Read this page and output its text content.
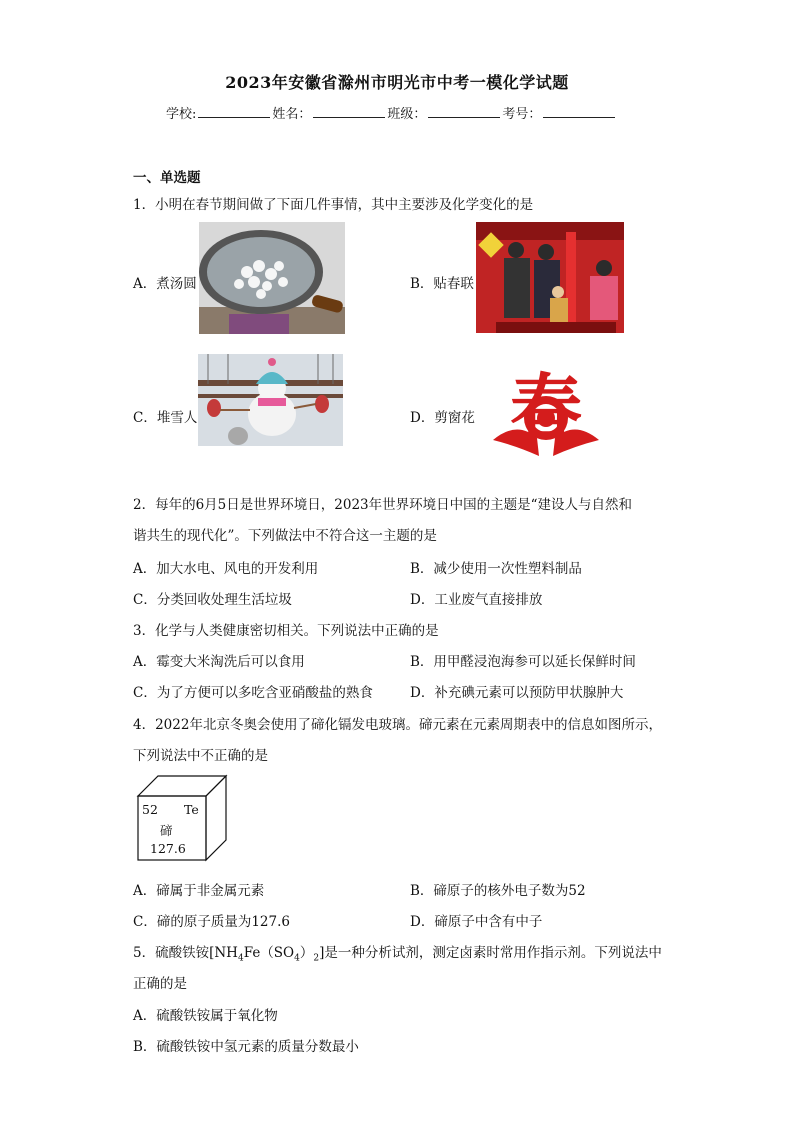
2023年安徽省滁州市明光市中考一模化学试题
学校:	姓名：	班级：	考号：
一、单选题
1．小明在春节期间做了下面几件事情，其中主要涉及化学变化的是
A．煮汤圆	B．贴春联
C．堆雪人	D．剪窗花 春
2．每年的6月5日是世界环境日，2023年世界环境日中国的主题是“建设人与自然和
谐共生的现代化”。下列做法中不符合这一主题的是
A．加大水电、风电的开发利用	B．减少使用一次性塑料制品
C．分类回收处理生活垃圾	D．工业废气直接排放
3．化学与人类健康密切相关。下列说法中正确的是
A．霉变大米淘洗后可以食用	B．用甲醛浸泡海参可以延长保鲜时间
C．为了方便可以多吃含亚硝酸盐的熟食	D．补充碘元素可以预防甲状腺肿大
4．2022年北京冬奥会使用了碲化镉发电玻璃。碲元素在元素周期表中的信息如图所示，
下列说法中不正确的是
52 Te
碲
127.6
A．碲属于非金属元素	B．碲原子的核外电子数为52
C．碲的原子质量为127.6	D．碲原子中含有中子
5．硫酸铁铵$[NH_4Fe(SO_4)_2]$是一种分析试剂，测定卤素时常用作指示剂。下列说法中
正确的是
A．硫酸铁铵属于氧化物
B．硫酸铁铵中氢元素的质量分数最小
